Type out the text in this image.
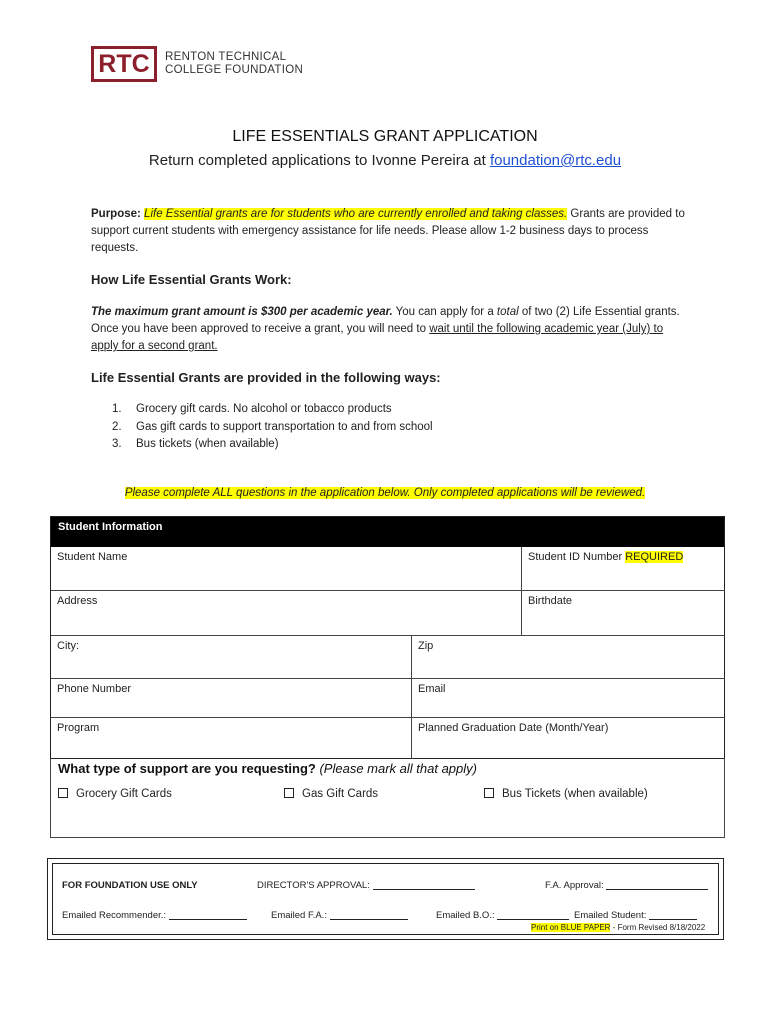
RTC	RENTON TECHNICAL
COLLEGE FOUNDATION
LIFE ESSENTIALS GRANT APPLICATION
Return completed applications to Ivonne Pereira at foundation@rtc.edu
Purpose: Life Essential grants are for students who are currently enrolled and taking classes. Grants are provided to support current students with emergency assistance for life needs. Please allow 1-2 business days to process requests.
How Life Essential Grants Work:
The maximum grant amount is $300 per academic year. You can apply for a total of two (2) Life Essential grants. Once you have been approved to receive a grant, you will need to wait until the following academic year (July) to apply for a second grant.
Life Essential Grants are provided in the following ways:
1. Grocery gift cards. No alcohol or tobacco products
2. Gas gift cards to support transportation to and from school
3. Bus tickets (when available)
Please complete ALL questions in the application below. Only completed applications will be reviewed.
Student Information
Student Name	Student ID Number REQUIRED
Address	Birthdate
City:	Zip
Phone Number	Email
Program	Planned Graduation Date (Month/Year)
What type of support are you requesting? (Please mark all that apply)
Grocery Gift Cards	Gas Gift Cards	Bus Tickets (when available)
FOR FOUNDATION USE ONLY	DIRECTOR'S APPROVAL:	F.A. Approval:
Emailed Recommender.:	Emailed F.A.:	Emailed B.O.:	Emailed Student:
Print on BLUE PAPER - Form Revised 8/18/2022
